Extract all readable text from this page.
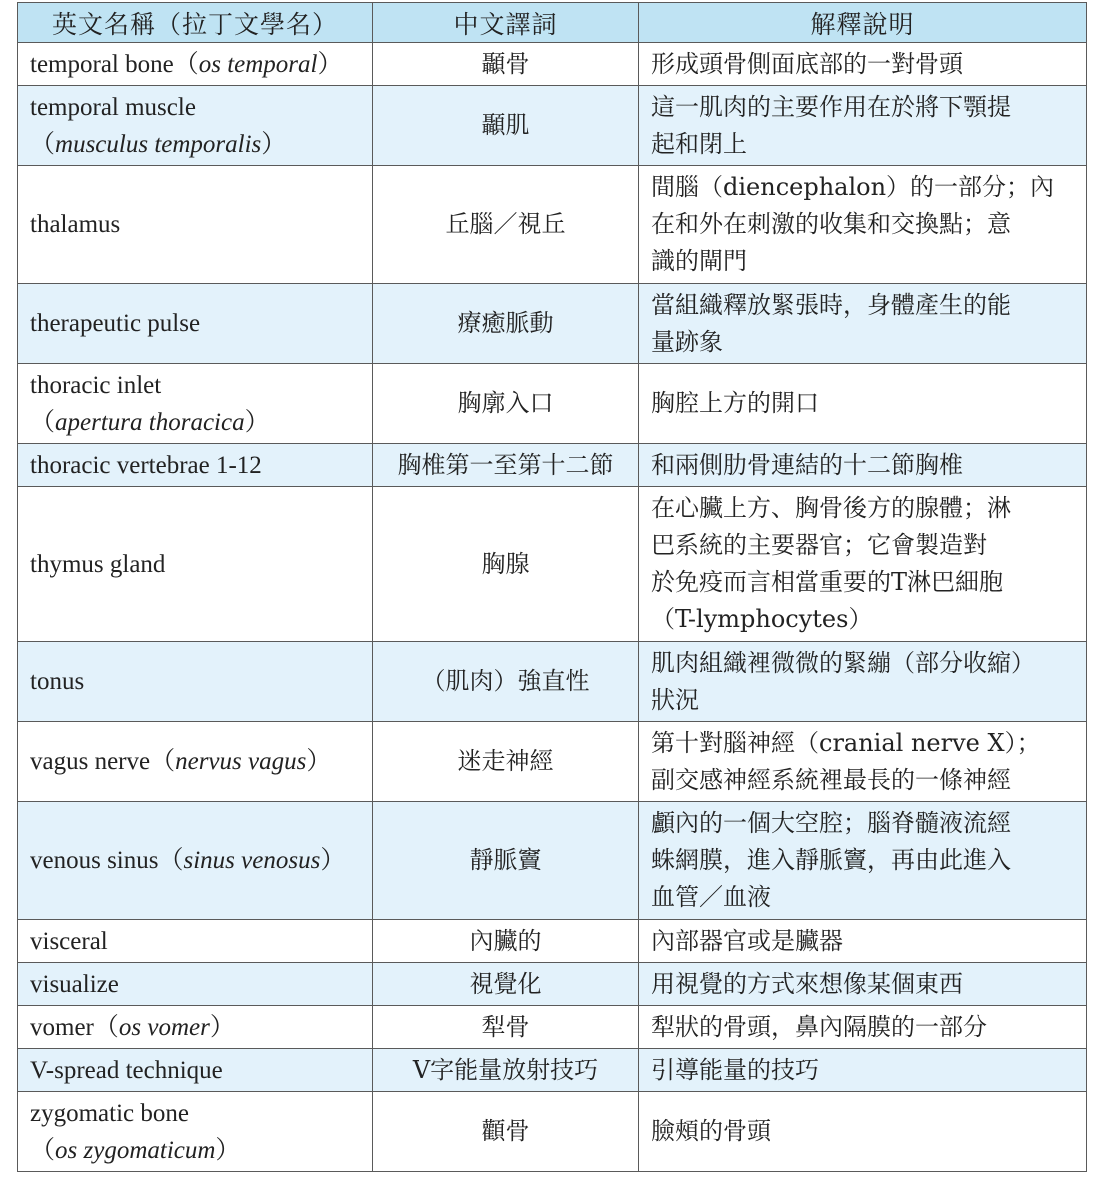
英文名稱（拉丁文學名）	中文譯詞	解釋說明
temporal bone（os temporal）	顳骨	形成頭骨側面底部的一對骨頭

temporal muscle
（musculus temporalis）	顳肌	這一肌肉的主要作用在於將下顎提
起和閉上

thalamus	丘腦／視丘	間腦（diencephalon）的一部分；內
在和外在刺激的收集和交換點；意
識的閘門

therapeutic pulse	療癒脈動	當組織釋放緊張時，身體產生的能
量跡象

thoracic inlet
（apertura thoracica）	胸廓入口	胸腔上方的開口

thoracic vertebrae 1-12	胸椎第一至第十二節	和兩側肋骨連結的十二節胸椎

thymus gland	胸腺	在心臟上方、胸骨後方的腺體；淋
巴系統的主要器官；它會製造對
於免疫而言相當重要的T淋巴細胞
（T-lymphocytes）

tonus	（肌肉）強直性	肌肉組織裡微微的緊繃（部分收縮）
狀況

vagus nerve（nervus vagus）	迷走神經	第十對腦神經（cranial nerve X）；
副交感神經系統裡最長的一條神經

venous sinus（sinus venosus）	靜脈竇	顱內的一個大空腔；腦脊髓液流經
蛛網膜，進入靜脈竇，再由此進入
血管／血液

visceral	內臟的	內部器官或是臟器

visualize	視覺化	用視覺的方式來想像某個東西

vomer（os vomer）	犁骨	犁狀的骨頭，鼻內隔膜的一部分

V-spread technique	V字能量放射技巧	引導能量的技巧

zygomatic bone
（os zygomaticum）	顴骨	臉頰的骨頭
